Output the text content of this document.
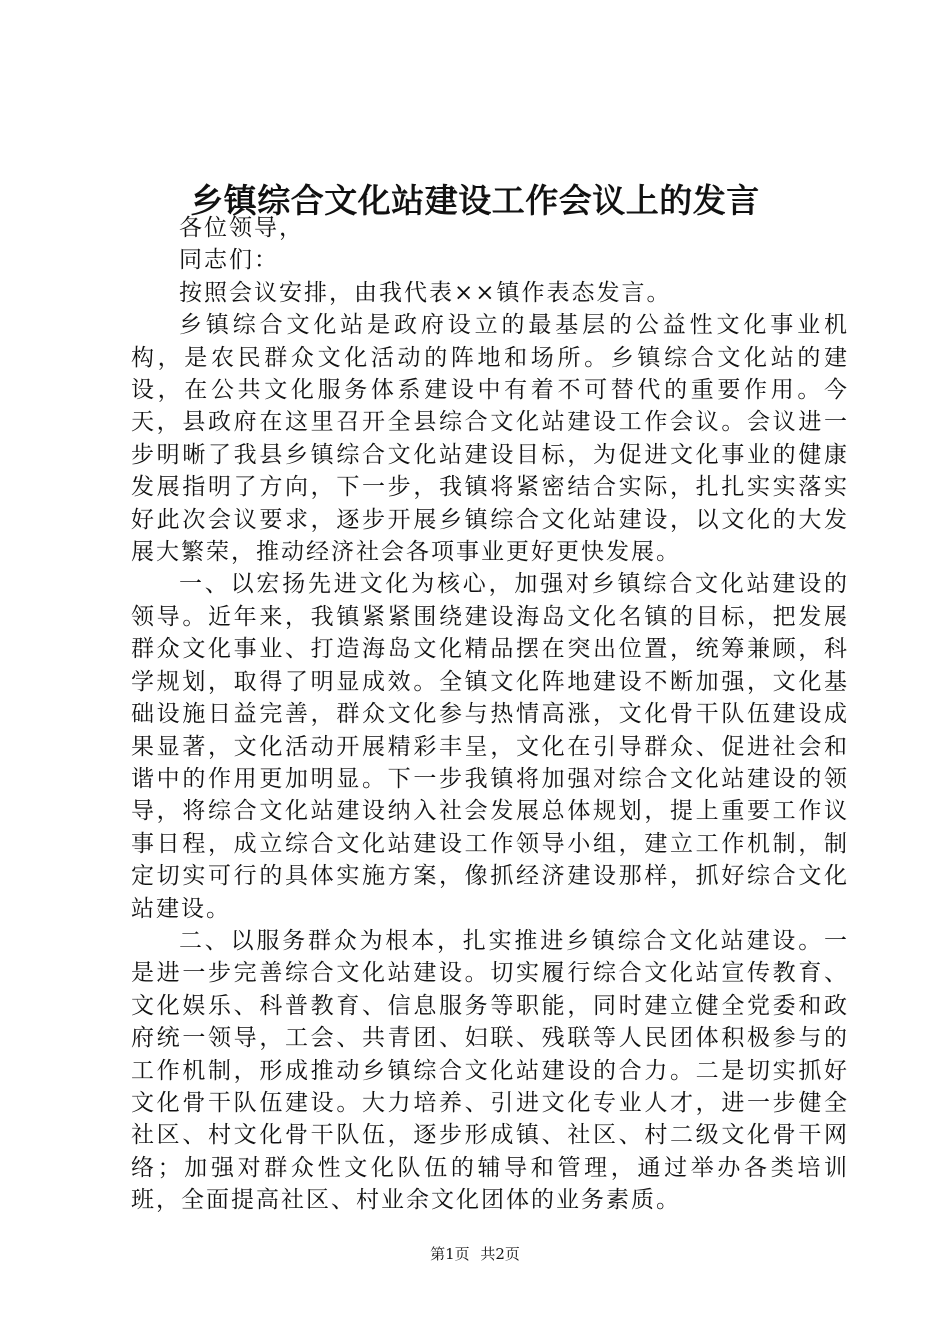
乡镇综合文化站建设工作会议上的发言

各位领导，

同志们：

按照会议安排，由我代表××镇作表态发言。

乡镇综合文化站是政府设立的最基层的公益性文化事业机构，是农民群众文化活动的阵地和场所。乡镇综合文化站的建设，在公共文化服务体系建设中有着不可替代的重要作用。今天，县政府在这里召开全县综合文化站建设工作会议。会议进一步明晰了我县乡镇综合文化站建设目标，为促进文化事业的健康发展指明了方向，下一步，我镇将紧密结合实际，扎扎实实落实好此次会议要求，逐步开展乡镇综合文化站建设，以文化的大发展大繁荣，推动经济社会各项事业更好更快发展。

一、以宏扬先进文化为核心，加强对乡镇综合文化站建设的领导。近年来，我镇紧紧围绕建设海岛文化名镇的目标，把发展群众文化事业、打造海岛文化精品摆在突出位置，统筹兼顾，科学规划，取得了明显成效。全镇文化阵地建设不断加强，文化基础设施日益完善，群众文化参与热情高涨，文化骨干队伍建设成果显著，文化活动开展精彩丰呈，文化在引导群众、促进社会和谐中的作用更加明显。下一步我镇将加强对综合文化站建设的领导，将综合文化站建设纳入社会发展总体规划，提上重要工作议事日程，成立综合文化站建设工作领导小组，建立工作机制，制定切实可行的具体实施方案，像抓经济建设那样，抓好综合文化站建设。

二、以服务群众为根本，扎实推进乡镇综合文化站建设。一是进一步完善综合文化站建设。切实履行综合文化站宣传教育、文化娱乐、科普教育、信息服务等职能，同时建立健全党委和政府统一领导，工会、共青团、妇联、残联等人民团体积极参与的工作机制，形成推动乡镇综合文化站建设的合力。二是切实抓好文化骨干队伍建设。大力培养、引进文化专业人才，进一步健全社区、村文化骨干队伍，逐步形成镇、社区、村二级文化骨干网络；加强对群众性文化队伍的辅导和管理，通过举办各类培训班，全面提高社区、村业余文化团体的业务素质。

第1页 共2页
